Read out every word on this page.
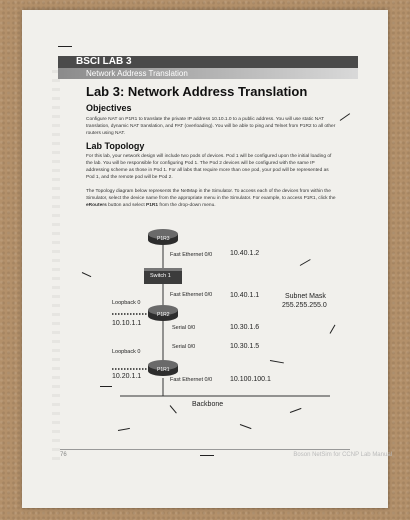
BSCI LAB 3
Network Address Translation
Lab 3: Network Address Translation
Objectives
Configure NAT on P1R1 to translate the private IP address 10.10.1.0 to a public address. You will use static NAT translation, dynamic NAT translation, and PAT (overloading). You will be able to ping and Telnet from P1R2 to all other routers using NAT.
Lab Topology
For this lab, your network design will include two pods of devices. Pod 1 will be configured upon the initial loading of the lab. You will be responsible for configuring Pod 1. The Pod 2 devices will be configured with the same IP addressing scheme as those in Pod 1. For all labs that require more than one pod, your pod will be represented as Pod 1, and the remote pod will be Pod 2.
The Topology diagram below represents the NetMap in the Simulator. To access each of the devices from within the Simulator, select the device name from the appropriate menu in the Simulator. For example, to access P1R1, click the eRouters button and select P1R1 from the drop-down menu.
P1R3
Fast Ethernet 0/0	10.40.1.2
Switch 1
Fast Ethernet 0/0	10.40.1.1
Loopback 0
P1R2
Subnet Mask
255.255.255.0
10.10.1.1
Serial 0/0	10.30.1.6
Serial 0/0	10.30.1.5
Loopback 0
P1R1
10.20.1.1	Fast Ethernet 0/0	10.100.100.1
Backbone
76	Boson NetSim for CCNP Lab Manual
